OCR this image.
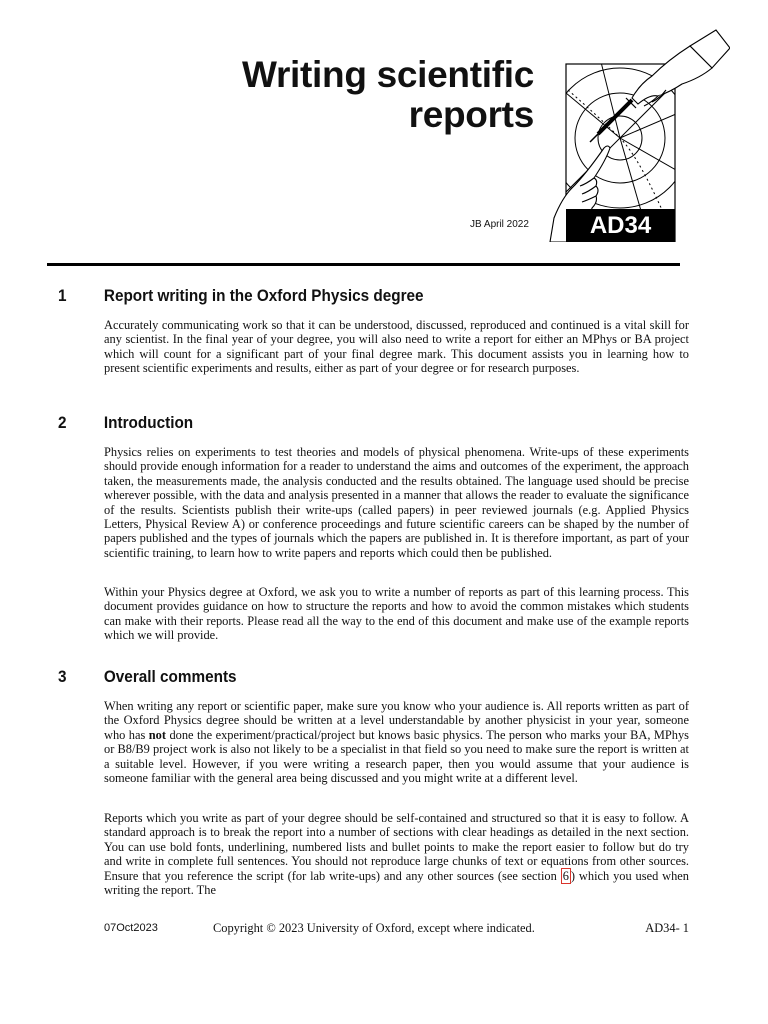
Writing scientific
reports
JB April 2022	AD34
1 Report writing in the Oxford Physics degree

Accurately communicating work so that it can be understood, discussed, reproduced and continued is a vital skill for any scientist. In the final year of your degree, you will also need to write a report for either an MPhys or BA project which will count for a significant part of your final degree mark. This document assists you in learning how to present scientific experiments and results, either as part of your degree or for research purposes.

2 Introduction

Physics relies on experiments to test theories and models of physical phenomena. Write-ups of these experiments should provide enough information for a reader to understand the aims and outcomes of the experiment, the approach taken, the measurements made, the analysis conducted and the results obtained. The language used should be precise wherever possible, with the data and analysis presented in a manner that allows the reader to evaluate the significance of the results. Scientists publish their write-ups (called papers) in peer reviewed journals (e.g. Applied Physics Letters, Physical Review A) or conference proceedings and future scientific careers can be shaped by the number of papers published and the types of journals which the papers are published in. It is therefore important, as part of your scientific training, to learn how to write papers and reports which could then be published.

Within your Physics degree at Oxford, we ask you to write a number of reports as part of this learning process. This document provides guidance on how to structure the reports and how to avoid the common mistakes which students can make with their reports. Please read all the way to the end of this document and make use of the example reports which we will provide.

3 Overall comments

When writing any report or scientific paper, make sure you know who your audience is. All reports written as part of the Oxford Physics degree should be written at a level understandable by another physicist in your year, someone who has not done the experiment/practical/project but knows basic physics. The person who marks your BA, MPhys or B8/B9 project work is also not likely to be a specialist in that field so you need to make sure the report is written at a suitable level. However, if you were writing a research paper, then you would assume that your audience is someone familiar with the general area being discussed and you might write at a different level.

Reports which you write as part of your degree should be self-contained and structured so that it is easy to follow. A standard approach is to break the report into a number of sections with clear headings as detailed in the next section. You can use bold fonts, underlining, numbered lists and bullet points to make the report easier to follow but do try and write in complete full sentences. You should not reproduce large chunks of text or equations from other sources. Ensure that you reference the script (for lab write-ups) and any other sources (see section 6 ) which you used when writing the report. The

07Oct2023	Copyright © 2023 University of Oxford, except where indicated.	AD34- 1
